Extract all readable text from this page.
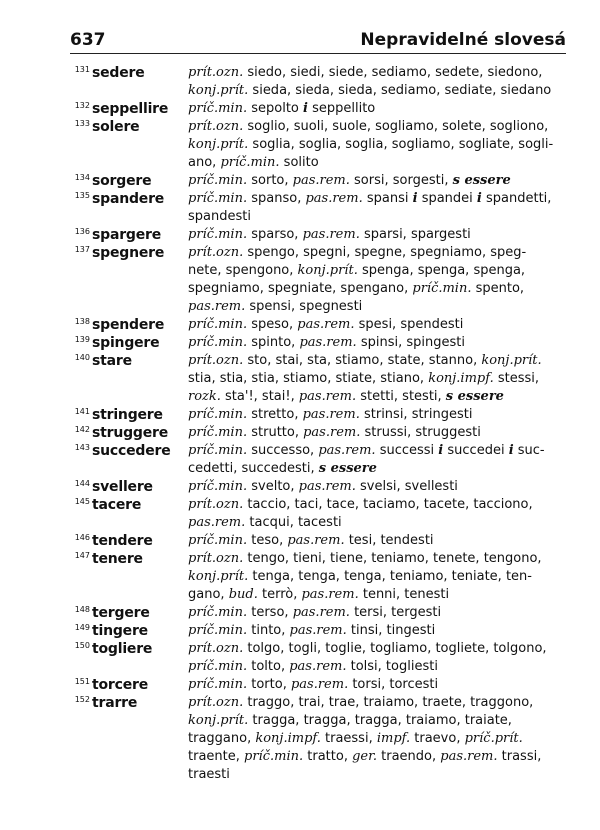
637	Nepravidelné slovesá
131 sedere	prít.ozn. siedo, siedi, siede, sediamo, sedete, siedono,
konj.prít. sieda, sieda, sieda, sediamo, sediate, siedano
132 seppellire	príč.min. sepolto i seppellito
133 solere	prít.ozn. soglio, suoli, suole, sogliamo, solete, sogliono,
konj.prít. soglia, soglia, soglia, sogliamo, sogliate, sogli-
ano, príč.min. solito
134 sorgere	príč.min. sorto, pas.rem. sorsi, sorgesti, s essere
135 spandere	príč.min. spanso, pas.rem. spansi i spandei i spandetti,
spandesti
136 spargere	príč.min. sparso, pas.rem. sparsi, spargesti
137 spegnere	prít.ozn. spengo, spegni, spegne, spegniamo, speg-
nete, spengono, konj.prít. spenga, spenga, spenga,
spegniamo, spegniate, spengano, príč.min. spento,
pas.rem. spensi, spegnesti
138 spendere	príč.min. speso, pas.rem. spesi, spendesti
139 spingere	príč.min. spinto, pas.rem. spinsi, spingesti
140 stare	prít.ozn. sto, stai, sta, stiamo, state, stanno, konj.prít.
stia, stia, stia, stiamo, stiate, stiano, konj.impf. stessi,
rozk. sta'!, stai!, pas.rem. stetti, stesti, s essere
141 stringere	príč.min. stretto, pas.rem. strinsi, stringesti
142 struggere	príč.min. strutto, pas.rem. strussi, struggesti
143 succedere	príč.min. successo, pas.rem. successi i succedei i suc-
cedetti, succedesti, s essere
144 svellere	príč.min. svelto, pas.rem. svelsi, svellesti
145 tacere	prít.ozn. taccio, taci, tace, taciamo, tacete, tacciono,
pas.rem. tacqui, tacesti
146 tendere	príč.min. teso, pas.rem. tesi, tendesti
147 tenere	prít.ozn. tengo, tieni, tiene, teniamo, tenete, tengono,
konj.prít. tenga, tenga, tenga, teniamo, teniate, ten-
gano, bud. terrò, pas.rem. tenni, tenesti
148 tergere	príč.min. terso, pas.rem. tersi, tergesti
149 tingere	príč.min. tinto, pas.rem. tinsi, tingesti
150 togliere	prít.ozn. tolgo, togli, toglie, togliamo, togliete, tolgono,
príč.min. tolto, pas.rem. tolsi, togliesti
151 torcere	príč.min. torto, pas.rem. torsi, torcesti
152 trarre	prít.ozn. traggo, trai, trae, traiamo, traete, traggono,
konj.prít. tragga, tragga, tragga, traiamo, traiate,
traggano, konj.impf. traessi, impf. traevo, príč.prít.
traente, príč.min. tratto, ger. traendo, pas.rem. trassi,
traesti
